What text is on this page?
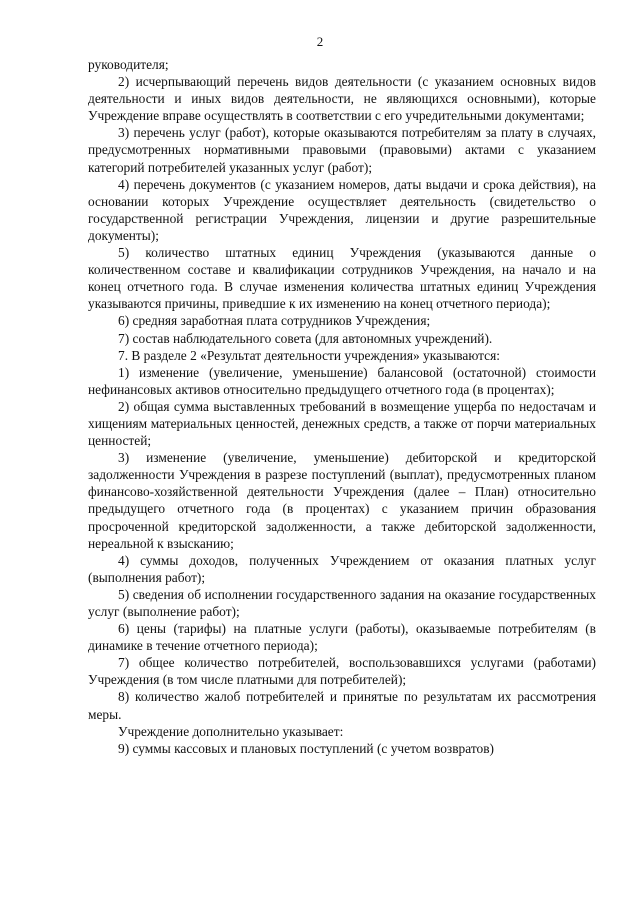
2

руководителя;

2) исчерпывающий перечень видов деятельности (с указанием основных видов деятельности и иных видов деятельности, не являющихся основными), которые Учреждение вправе осуществлять в соответствии с его учредительными документами;

3) перечень услуг (работ), которые оказываются потребителям за плату в случаях, предусмотренных нормативными правовыми (правовыми) актами с указанием категорий потребителей указанных услуг (работ);

4) перечень документов (с указанием номеров, даты выдачи и срока действия), на основании которых Учреждение осуществляет деятельность (свидетельство о государственной регистрации Учреждения, лицензии и другие разрешительные документы);

5) количество штатных единиц Учреждения (указываются данные о количественном составе и квалификации сотрудников Учреждения, на начало и на конец отчетного года. В случае изменения количества штатных единиц Учреждения указываются причины, приведшие к их изменению на конец отчетного периода);

6) средняя заработная плата сотрудников Учреждения;

7) состав наблюдательного совета (для автономных учреждений).

7. В разделе 2 «Результат деятельности учреждения» указываются:

1) изменение (увеличение, уменьшение) балансовой (остаточной) стоимости нефинансовых активов относительно предыдущего отчетного года (в процентах);

2) общая сумма выставленных требований в возмещение ущерба по недостачам и хищениям материальных ценностей, денежных средств, а также от порчи материальных ценностей;

3) изменение (увеличение, уменьшение) дебиторской и кредиторской задолженности Учреждения в разрезе поступлений (выплат), предусмотренных планом финансово-хозяйственной деятельности Учреждения (далее – План) относительно предыдущего отчетного года (в процентах) с указанием причин образования просроченной кредиторской задолженности, а также дебиторской задолженности, нереальной к взысканию;

4) суммы доходов, полученных Учреждением от оказания платных услуг (выполнения работ);

5) сведения об исполнении государственного задания на оказание государственных услуг (выполнение работ);

6) цены (тарифы) на платные услуги (работы), оказываемые потребителям (в динамике в течение отчетного периода);

7) общее количество потребителей, воспользовавшихся услугами (работами) Учреждения (в том числе платными для потребителей);

8) количество жалоб потребителей и принятые по результатам их рассмотрения меры.

Учреждение дополнительно указывает:

9) суммы кассовых и плановых поступлений (с учетом возвратов)
